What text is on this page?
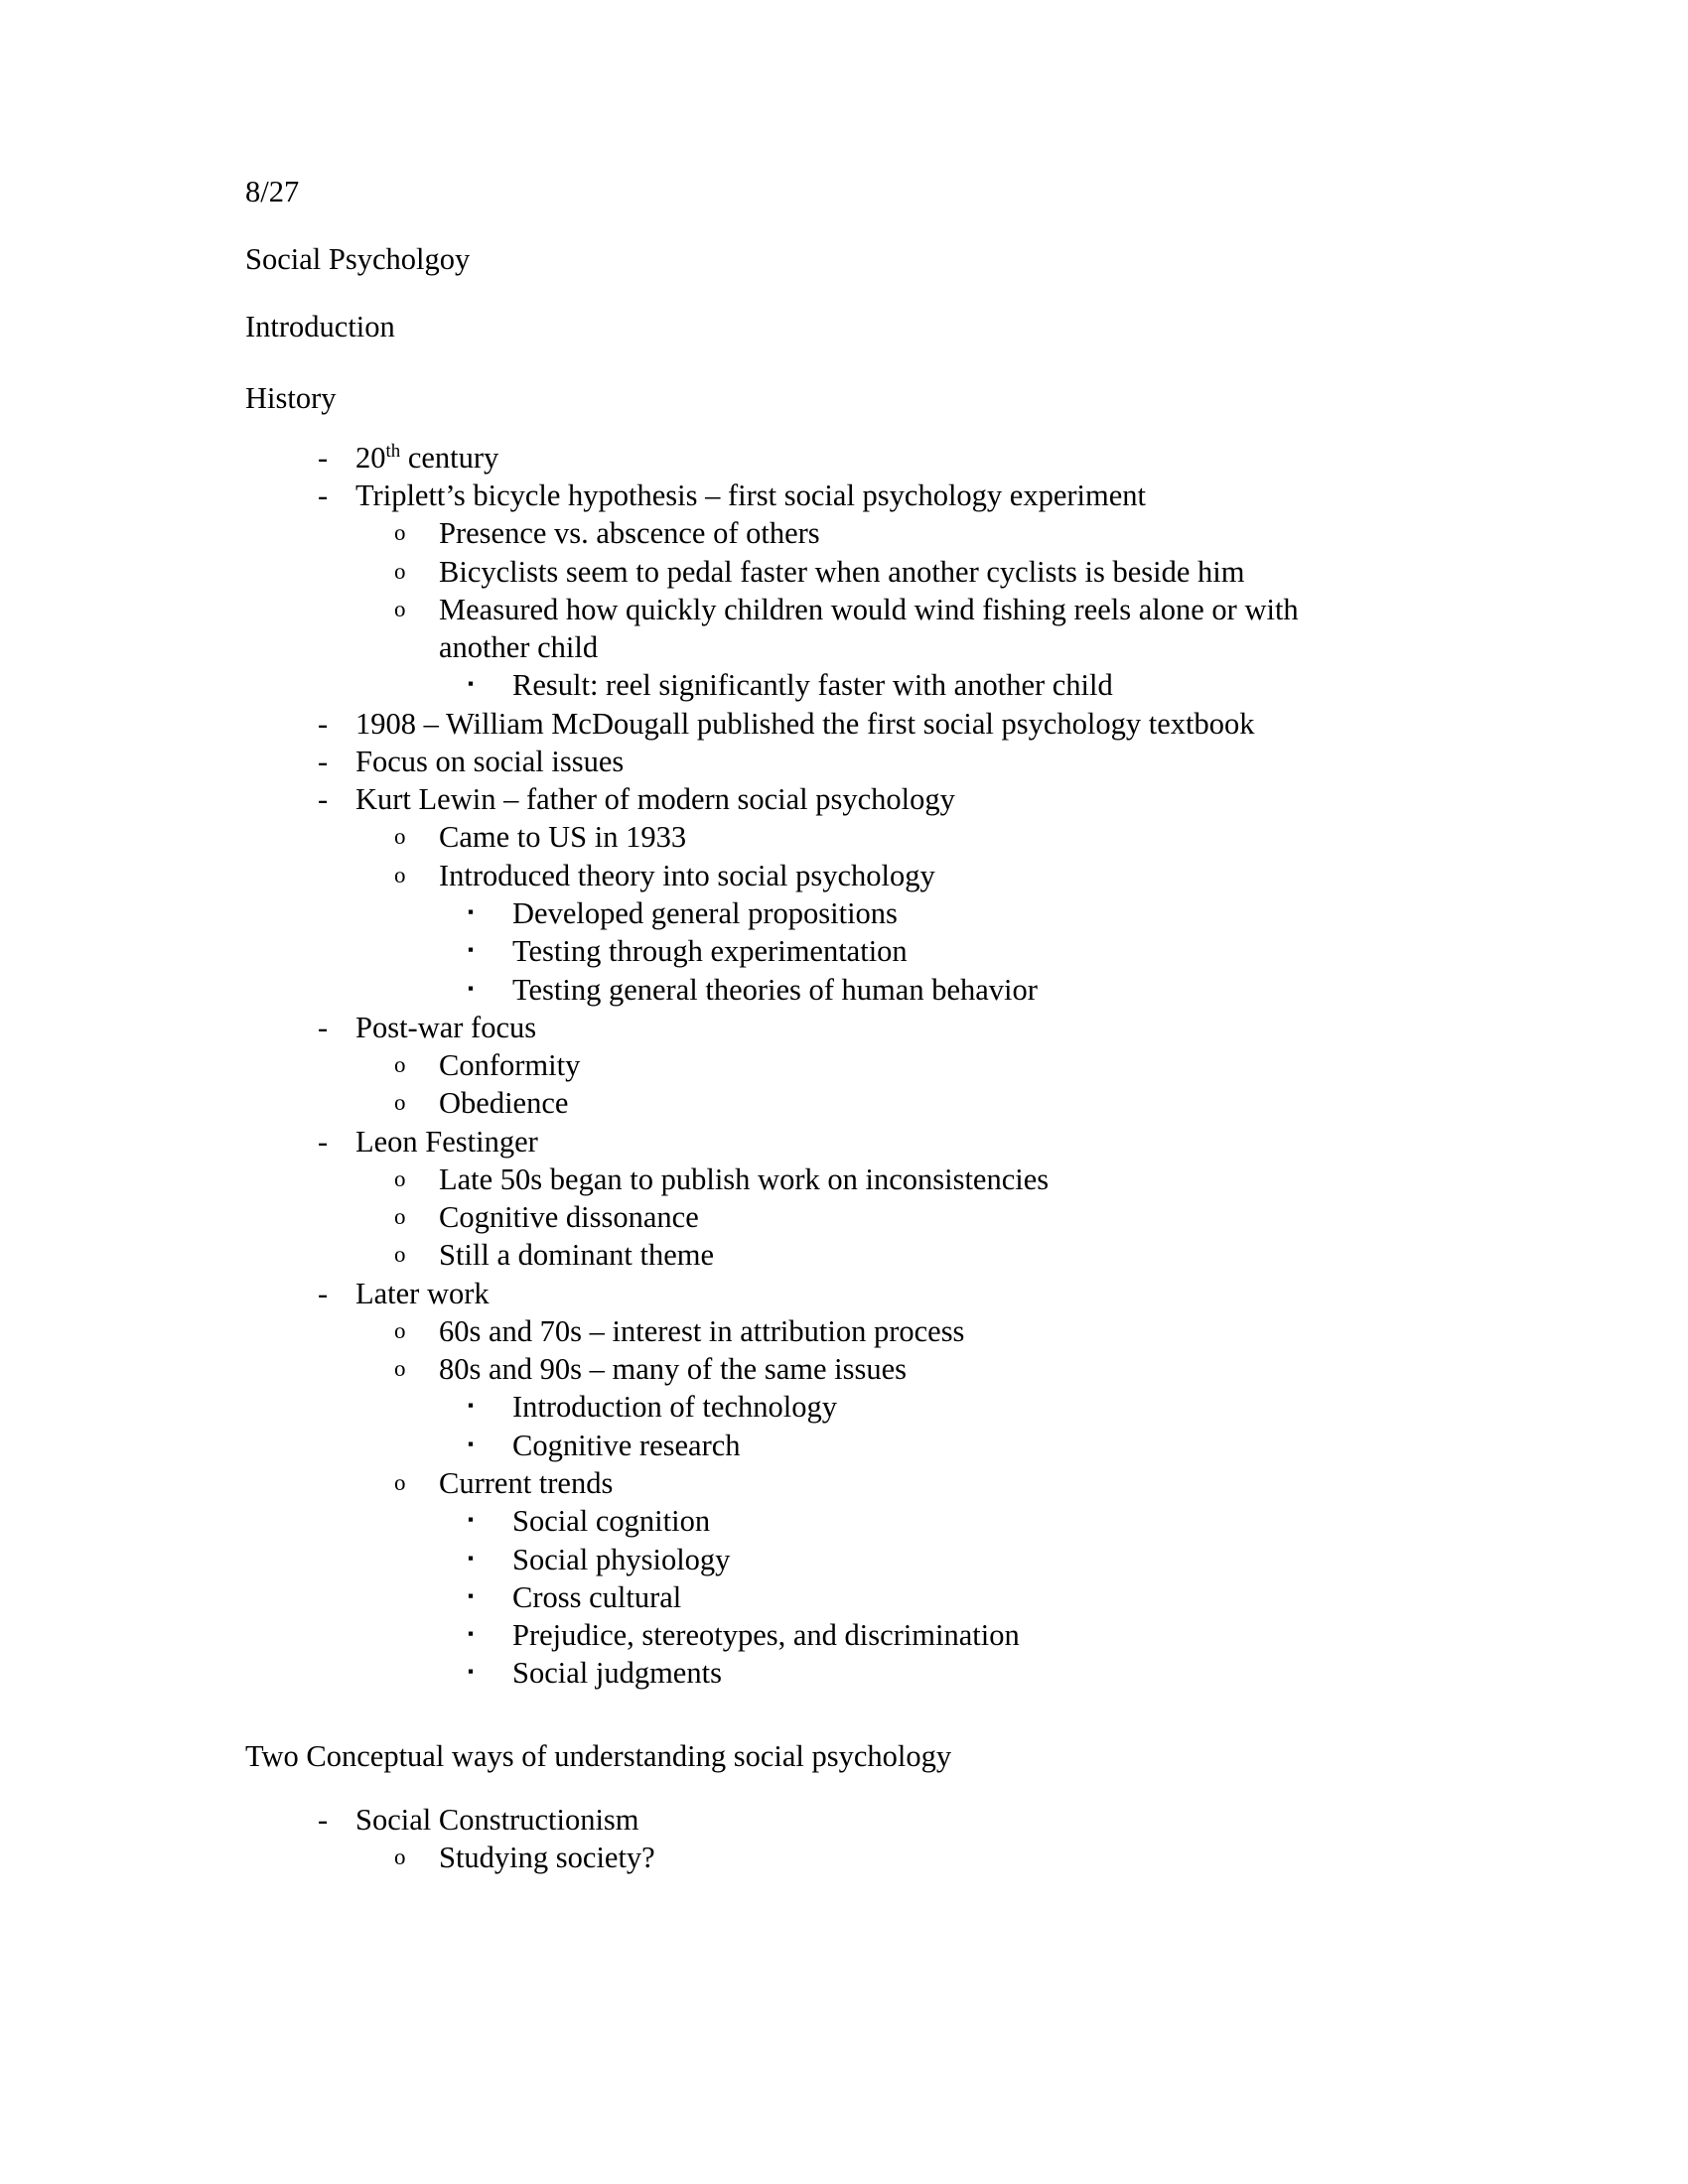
8/27
Social Psycholgoy
Introduction
History
- 20th century
- Triplett’s bicycle hypothesis – first social psychology experiment
o	Presence vs. abscence of others
o	Bicyclists seem to pedal faster when another cyclists is beside him
o	Measured how quickly children would wind fishing reels alone or with another child
▪	Result: reel significantly faster with another child
- 1908 – William McDougall published the first social psychology textbook
- Focus on social issues
- Kurt Lewin – father of modern social psychology
o	Came to US in 1933
o	Introduced theory into social psychology
▪	Developed general propositions
▪	Testing through experimentation
▪	Testing general theories of human behavior
- Post-war focus
o	Conformity
o	Obedience
- Leon Festinger
o	Late 50s began to publish work on inconsistencies
o	Cognitive dissonance
o	Still a dominant theme
- Later work
o	60s and 70s – interest in attribution process
o	80s and 90s – many of the same issues
▪	Introduction of technology
▪	Cognitive research
o	Current trends
▪	Social cognition
▪	Social physiology
▪	Cross cultural
▪	Prejudice, stereotypes, and discrimination
▪	Social judgments
Two Conceptual ways of understanding social psychology
- Social Constructionism
o	Studying society?
